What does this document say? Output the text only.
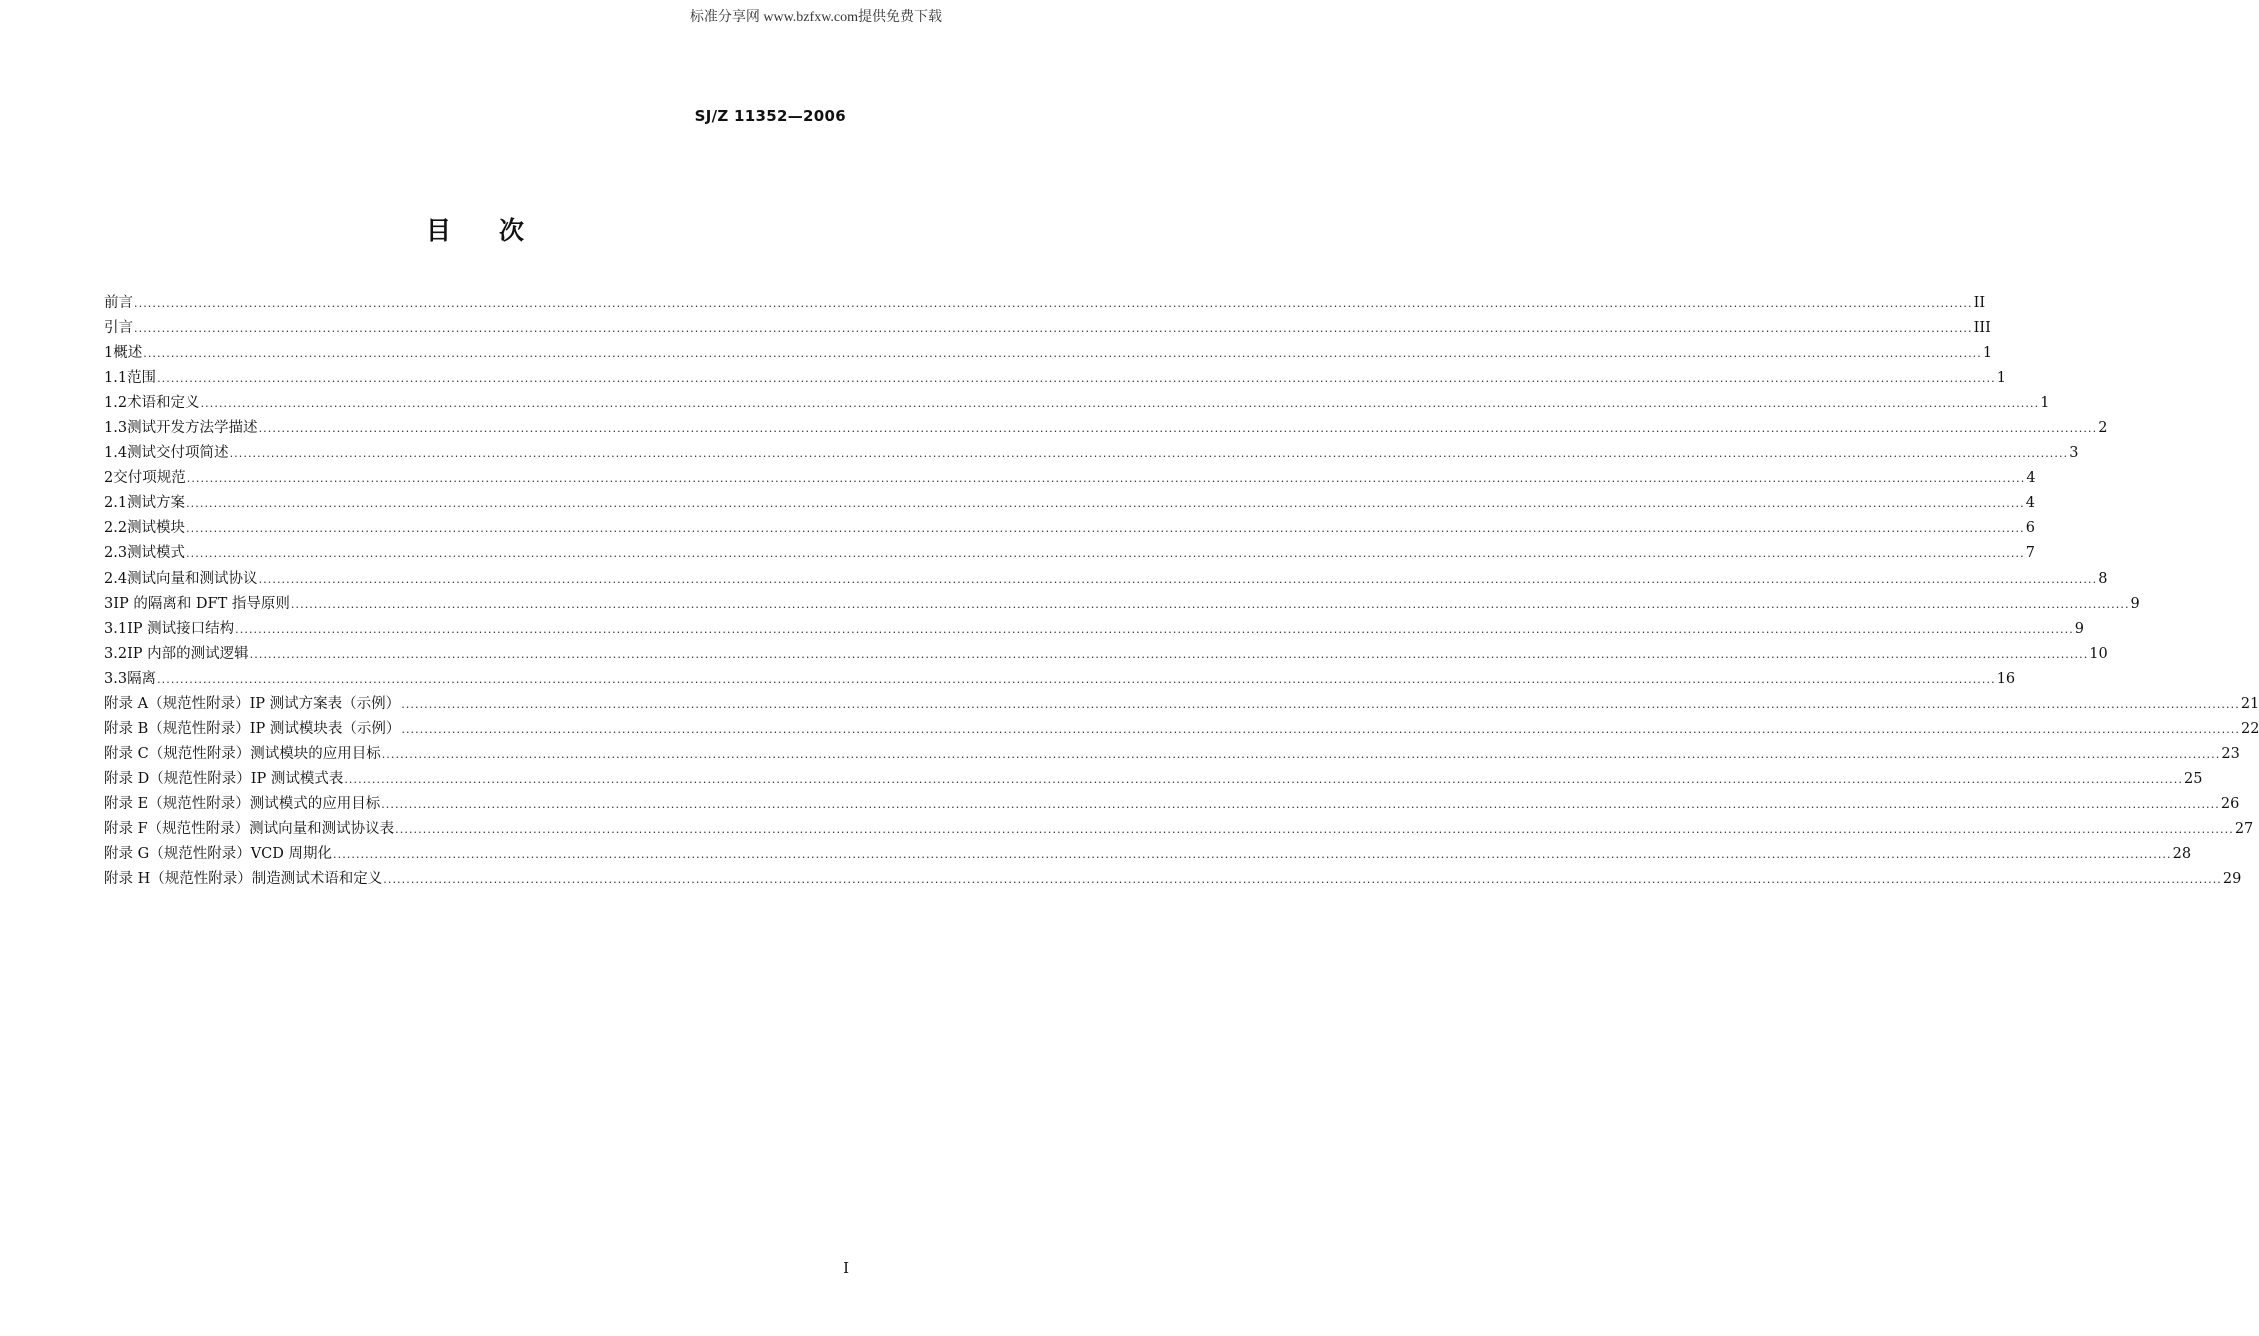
标准分享网 www.bzfxw.com提供免费下载
SJ/Z 11352—2006
目 次
前言 ................................................................................................................................................................................................................................................................................................................................................................................................................ II
引言 ................................................................................................................................................................................................................................................................................................................................................................................................................ III
1 概述 ................................................................................................................................................................................................................................................................................................................................................................................................................ 1
1.1 范围 ................................................................................................................................................................................................................................................................................................................................................................................................................ 1
1.2 术语和定义 ................................................................................................................................................................................................................................................................................................................................................................................................................ 1
1.3 测试开发方法学描述 ................................................................................................................................................................................................................................................................................................................................................................................................................ 2
1.4 测试交付项简述 ................................................................................................................................................................................................................................................................................................................................................................................................................ 3
2 交付项规范 ................................................................................................................................................................................................................................................................................................................................................................................................................ 4
2.1 测试方案 ................................................................................................................................................................................................................................................................................................................................................................................................................ 4
2.2 测试模块 ................................................................................................................................................................................................................................................................................................................................................................................................................ 6
2.3 测试模式 ................................................................................................................................................................................................................................................................................................................................................................................................................ 7
2.4 测试向量和测试协议 ................................................................................................................................................................................................................................................................................................................................................................................................................ 8
3 IP 的隔离和 DFT 指导原则 ................................................................................................................................................................................................................................................................................................................................................................................................................ 9
3.1 IP 测试接口结构 ................................................................................................................................................................................................................................................................................................................................................................................................................ 9
3.2 IP 内部的测试逻辑 ................................................................................................................................................................................................................................................................................................................................................................................................................ 10
3.3 隔离 ................................................................................................................................................................................................................................................................................................................................................................................................................ 16
附录 A（规范性附录）IP 测试方案表（示例） ................................................................................................................................................................................................................................................................................................................................................................................................................ 21
附录 B（规范性附录）IP 测试模块表（示例） ................................................................................................................................................................................................................................................................................................................................................................................................................ 22
附录 C（规范性附录）测试模块的应用目标 ................................................................................................................................................................................................................................................................................................................................................................................................................ 23
附录 D（规范性附录）IP 测试模式表 ................................................................................................................................................................................................................................................................................................................................................................................................................ 25
附录 E（规范性附录）测试模式的应用目标 ................................................................................................................................................................................................................................................................................................................................................................................................................ 26
附录 F（规范性附录）测试向量和测试协议表 ................................................................................................................................................................................................................................................................................................................................................................................................................ 27
附录 G（规范性附录）VCD 周期化 ................................................................................................................................................................................................................................................................................................................................................................................................................ 28
附录 H（规范性附录）制造测试术语和定义 ................................................................................................................................................................................................................................................................................................................................................................................................................ 29
I
